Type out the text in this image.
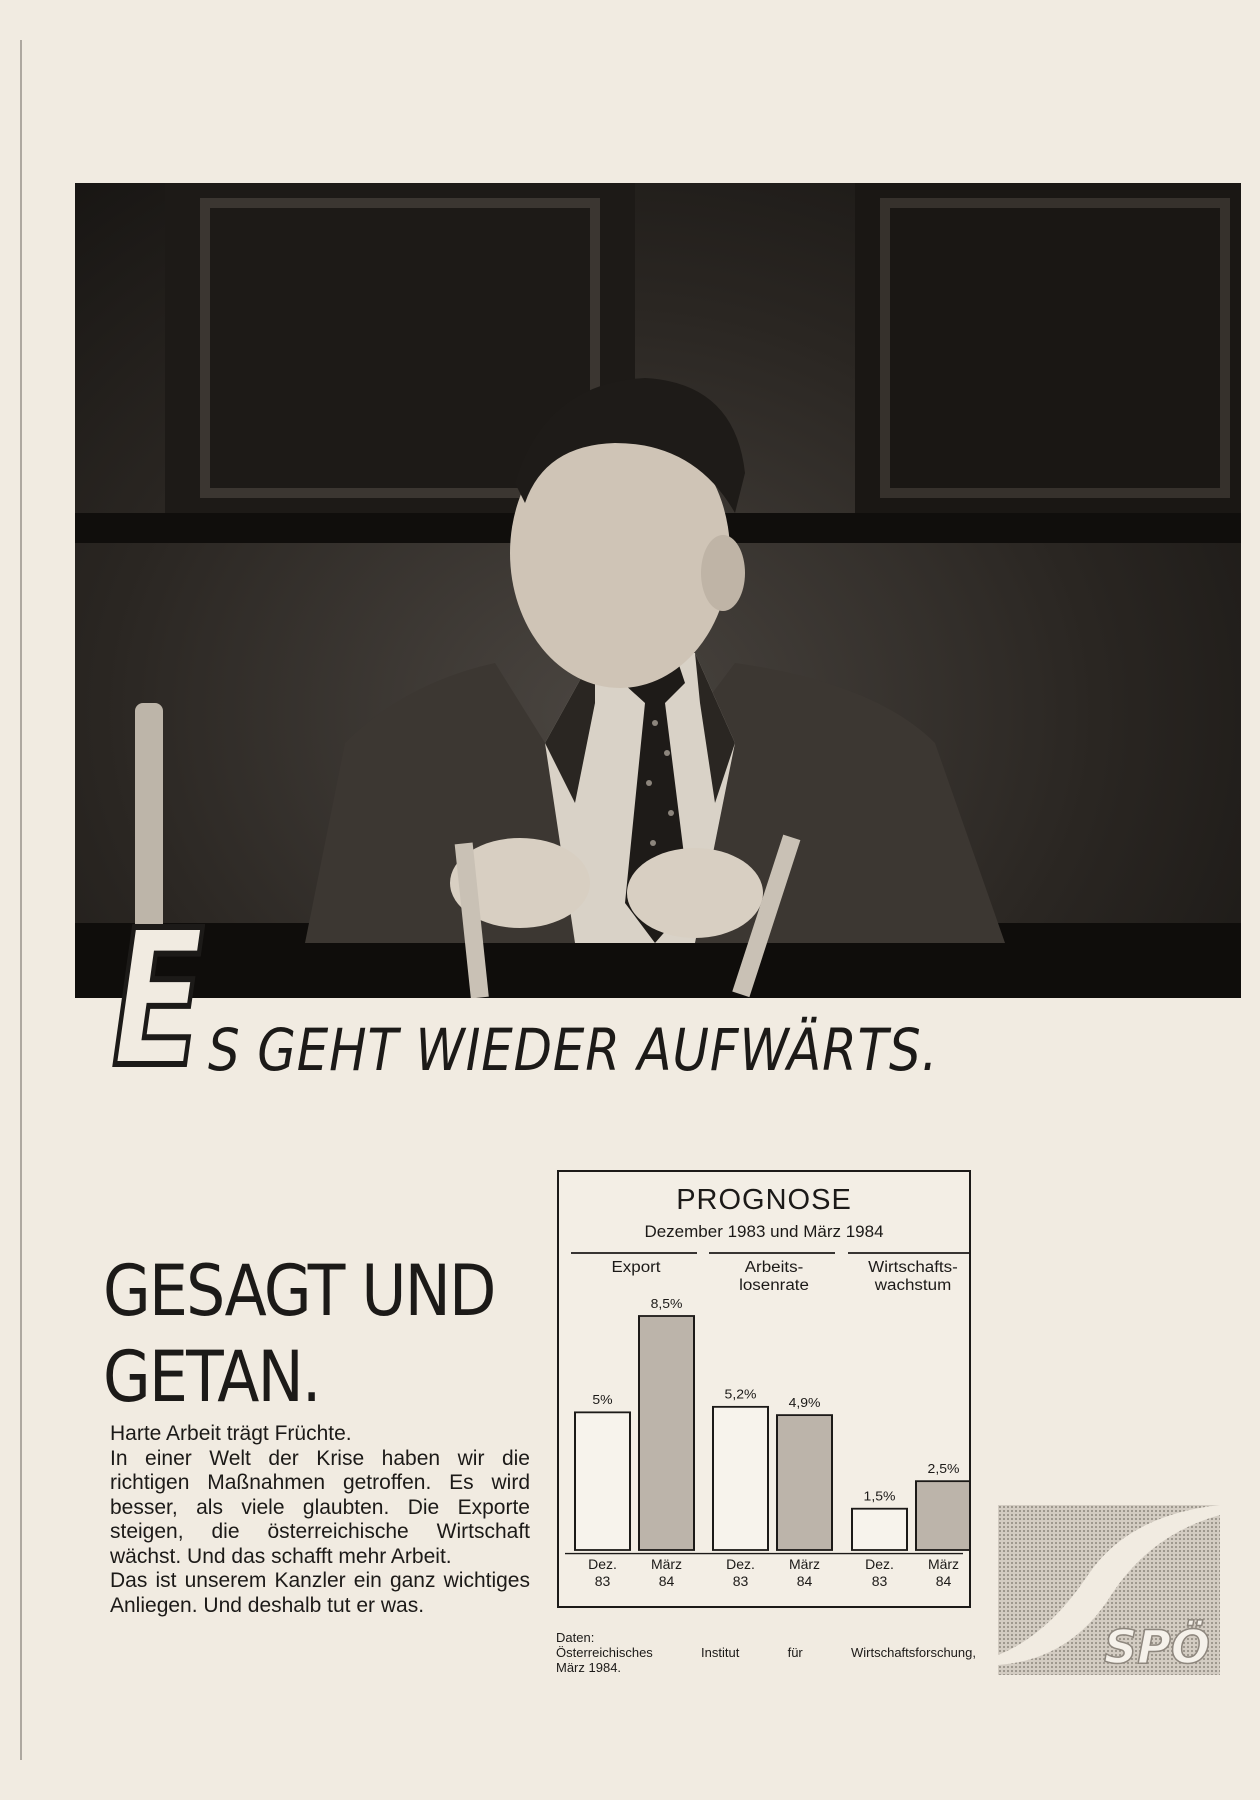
E S GEHT WIEDER AUFWÄRTS.
GESAGT UND
GETAN.

Harte Arbeit trägt Früchte.

In einer Welt der Krise haben wir die richtigen Maßnahmen getroffen. Es wird besser, als viele glaubten. Die Exporte steigen, die österreichische Wirtschaft wächst. Und das schafft mehr Arbeit.

Das ist unserem Kanzler ein ganz wichtiges Anliegen. Und deshalb tut er was.

PROGNOSE
Dezember 1983 und März 1984
Export
5%
8,5%
Arbeits-
losenrate
5,2%
4,9%
Wirtschafts-
wachstum
1,5%
2,5%
Dez.
83
März
84
Dez.
83
März
84
Dez.
83
März
84

Daten:

Österreichisches Institut für Wirtschaftsforschung,

März 1984.	SPÖ
